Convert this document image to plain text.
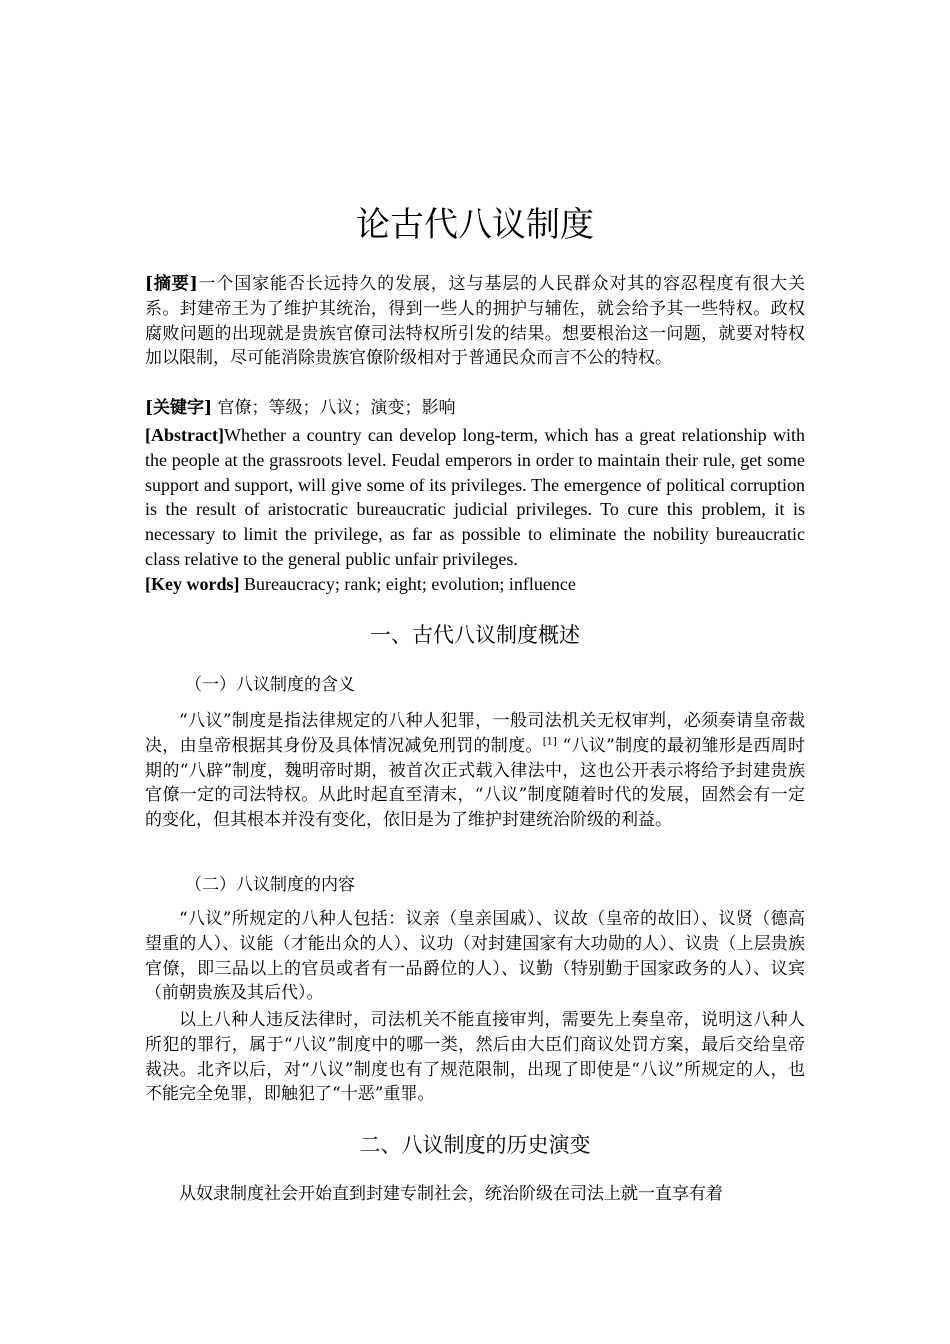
论古代八议制度

[摘要]一个国家能否长远持久的发展，这与基层的人民群众对其的容忍程度有很大关系。封建帝王为了维护其统治，得到一些人的拥护与辅佐，就会给予其一些特权。政权腐败问题的出现就是贵族官僚司法特权所引发的结果。想要根治这一问题，就要对特权加以限制，尽可能消除贵族官僚阶级相对于普通民众而言不公的特权。

[关键字] 官僚；等级；八议；演变；影响

[Abstract]Whether a country can develop long-term, which has a great relationship with the people at the grassroots level. Feudal emperors in order to maintain their rule, get some support and support, will give some of its privileges. The emergence of political corruption is the result of aristocratic bureaucratic judicial privileges. To cure this problem, it is necessary to limit the privilege, as far as possible to eliminate the nobility bureaucratic class relative to the general public unfair privileges.

[Key words] Bureaucracy; rank; eight; evolution; influence

一、古代八议制度概述
（一）八议制度的含义

“八议”制度是指法律规定的八种人犯罪，一般司法机关无权审判，必须奏请皇帝裁决，由皇帝根据其身份及具体情况减免刑罚的制度。[1] “八议”制度的最初雏形是西周时期的“八辟”制度，魏明帝时期，被首次正式载入律法中，这也公开表示将给予封建贵族官僚一定的司法特权。从此时起直至清末，“八议”制度随着时代的发展，固然会有一定的变化，但其根本并没有变化，依旧是为了维护封建统治阶级的利益。

（二）八议制度的内容

“八议”所规定的八种人包括：议亲（皇亲国戚）、议故（皇帝的故旧）、议贤（德高望重的人）、议能（才能出众的人）、议功（对封建国家有大功勋的人）、议贵（上层贵族官僚，即三品以上的官员或者有一品爵位的人）、议勤（特别勤于国家政务的人）、议宾（前朝贵族及其后代）。

以上八种人违反法律时，司法机关不能直接审判，需要先上奏皇帝，说明这八种人所犯的罪行，属于“八议”制度中的哪一类，然后由大臣们商议处罚方案，最后交给皇帝裁决。北齐以后，对“八议”制度也有了规范限制，出现了即使是“八议”所规定的人，也不能完全免罪，即触犯了“十恶”重罪。

二、八议制度的历史演变

从奴隶制度社会开始直到封建专制社会，统治阶级在司法上就一直享有着
